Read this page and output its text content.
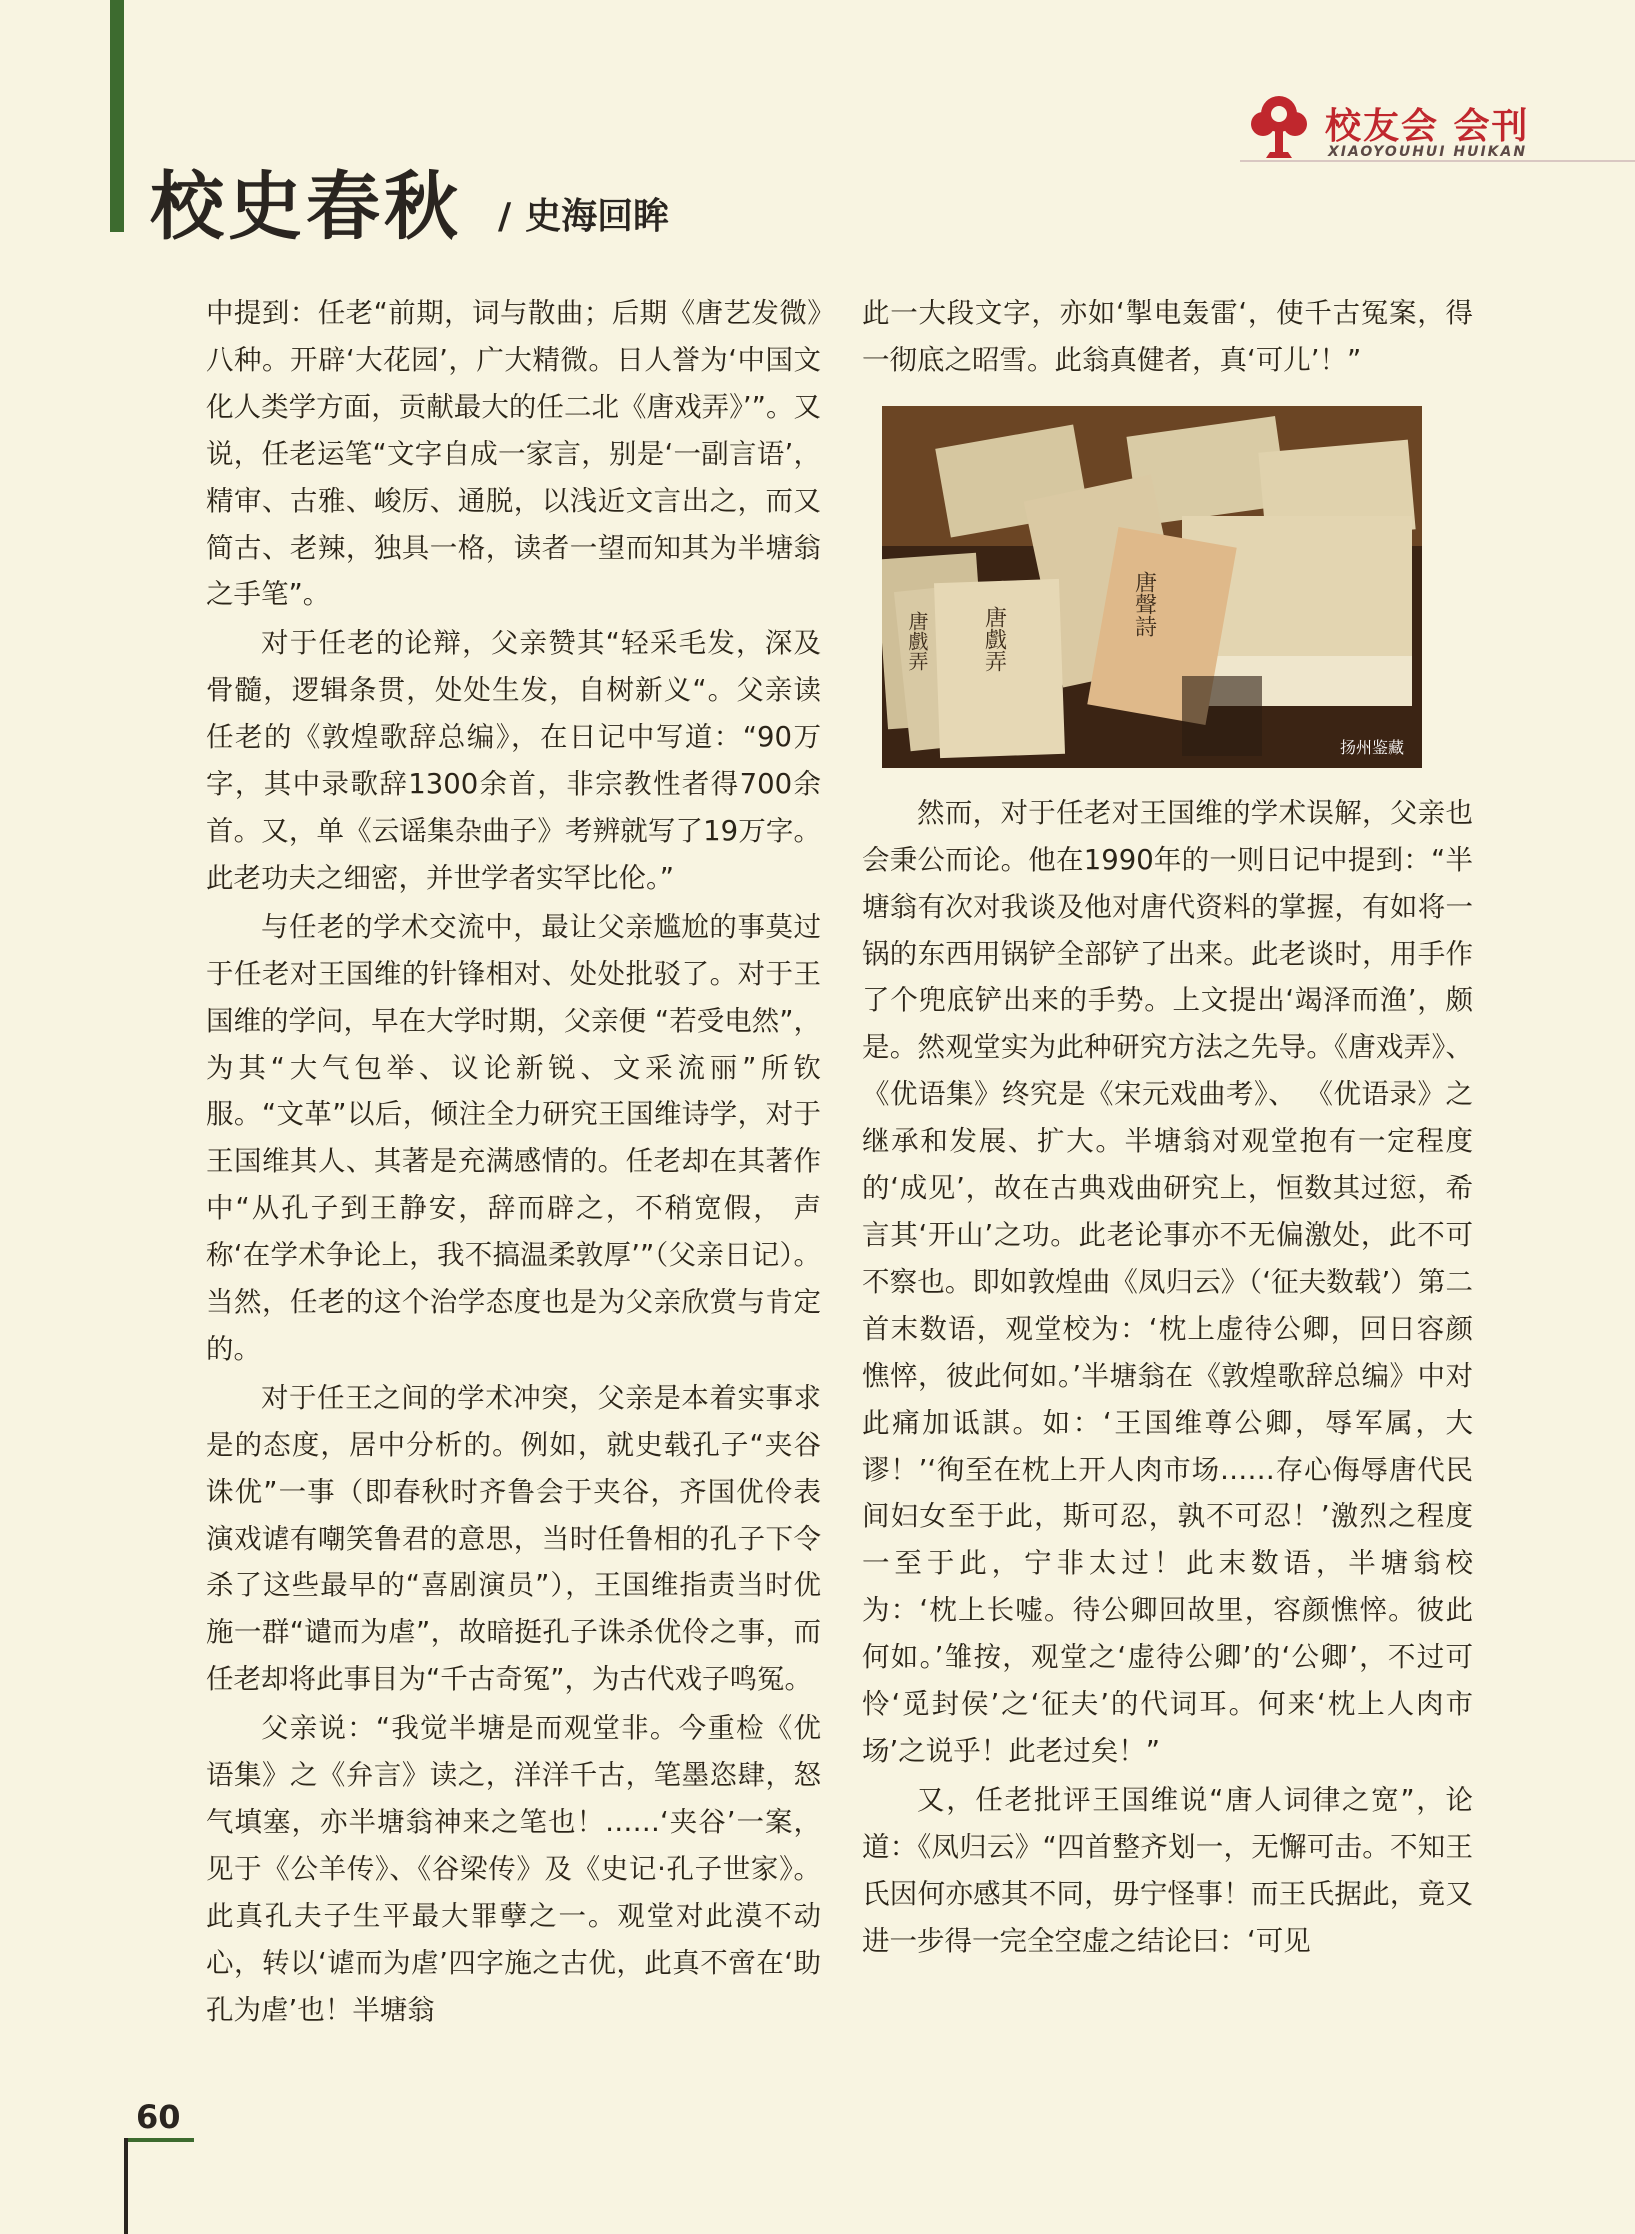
校史春秋 / 史海回眸
校友会 会刊
XIAOYOUHUI HUIKAN

中提到：任老“前期，词与散曲；后期《唐艺发微》八种。开辟‘大花园’，广大精微。日人誉为‘中国文化人类学方面，贡献最大的任二北《唐戏弄》’”。又说，任老运笔“文字自成一家言，别是‘一副言语’，精审、古雅、峻厉、通脱，以浅近文言出之，而又简古、老辣，独具一格，读者一望而知其为半塘翁之手笔”。

对于任老的论辩，父亲赞其“轻采毛发，深及骨髓，逻辑条贯，处处生发，自树新义“。父亲读任老的《敦煌歌辞总编》，在日记中写道：“90万字，其中录歌辞1300余首，非宗教性者得700余首。又，单《云谣集杂曲子》考辨就写了19万字。此老功夫之细密，并世学者实罕比伦。”

与任老的学术交流中，最让父亲尴尬的事莫过于任老对王国维的针锋相对、处处批驳了。对于王国维的学问，早在大学时期，父亲便 “若受电然”，为其“大气包举、议论新锐、文采流丽”所钦服。“文革”以后，倾注全力研究王国维诗学，对于王国维其人、其著是充满感情的。任老却在其著作中“从孔子到王静安，辞而辟之，不稍宽假， 声称‘在学术争论上，我不搞温柔敦厚’”（父亲日记）。当然，任老的这个治学态度也是为父亲欣赏与肯定的。

对于任王之间的学术冲突，父亲是本着实事求是的态度，居中分析的。例如，就史载孔子“夹谷诛优”一事（即春秋时齐鲁会于夹谷，齐国优伶表演戏谑有嘲笑鲁君的意思，当时任鲁相的孔子下令杀了这些最早的“喜剧演员”），王国维指责当时优施一群“谴而为虐”，故暗挺孔子诛杀优伶之事，而任老却将此事目为“千古奇冤”，为古代戏子鸣冤。

父亲说：“我觉半塘是而观堂非。今重检《优语集》之《弁言》读之，洋洋千古，笔墨恣肆，怒气填塞，亦半塘翁神来之笔也！……‘夹谷’一案，见于《公羊传》、《谷梁传》及《史记·孔子世家》。此真孔夫子生平最大罪孽之一。观堂对此漠不动心，转以‘谑而为虐’四字施之古优，此真不啻在‘助孔为虐’也！半塘翁

此一大段文字，亦如‘掣电轰雷‘，使千古冤案，得一彻底之昭雪。此翁真健者，真‘可儿’！”

唐戲弄
唐聲詩
唐戲弄
扬州鉴藏

然而，对于任老对王国维的学术误解，父亲也会秉公而论。他在1990年的一则日记中提到：“半塘翁有次对我谈及他对唐代资料的掌握，有如将一锅的东西用锅铲全部铲了出来。此老谈时，用手作了个兜底铲出来的手势。上文提出‘竭泽而渔’，颇是。然观堂实为此种研究方法之先导。《唐戏弄》、《优语集》终究是《宋元戏曲考》、 《优语录》之继承和发展、扩大。半塘翁对观堂抱有一定程度的‘成见’，故在古典戏曲研究上，恒数其过愆，希言其‘开山’之功。此老论事亦不无偏激处，此不可不察也。即如敦煌曲《凤归云》（‘征夫数载’）第二首末数语，观堂校为：‘枕上虚待公卿，回日容颜憔悴，彼此何如。’半塘翁在《敦煌歌辞总编》中对此痛加诋諆。如：‘王国维尊公卿，辱军属，大谬！’‘徇至在枕上开人肉市场……存心侮辱唐代民间妇女至于此，斯可忍，孰不可忍！’激烈之程度一至于此，宁非太过！此末数语，半塘翁校为：‘枕上长嘘。待公卿回故里，容颜憔悴。彼此何如。’雏按，观堂之‘虚待公卿’的‘公卿’，不过可怜‘觅封侯’之‘征夫’的代词耳。何来‘枕上人肉市场’之说乎！此老过矣！”

又，任老批评王国维说“唐人词律之宽”，论道：《凤归云》“四首整齐划一，无懈可击。不知王氏因何亦感其不同，毋宁怪事！而王氏据此，竟又进一步得一完全空虚之结论曰：‘可见

60
